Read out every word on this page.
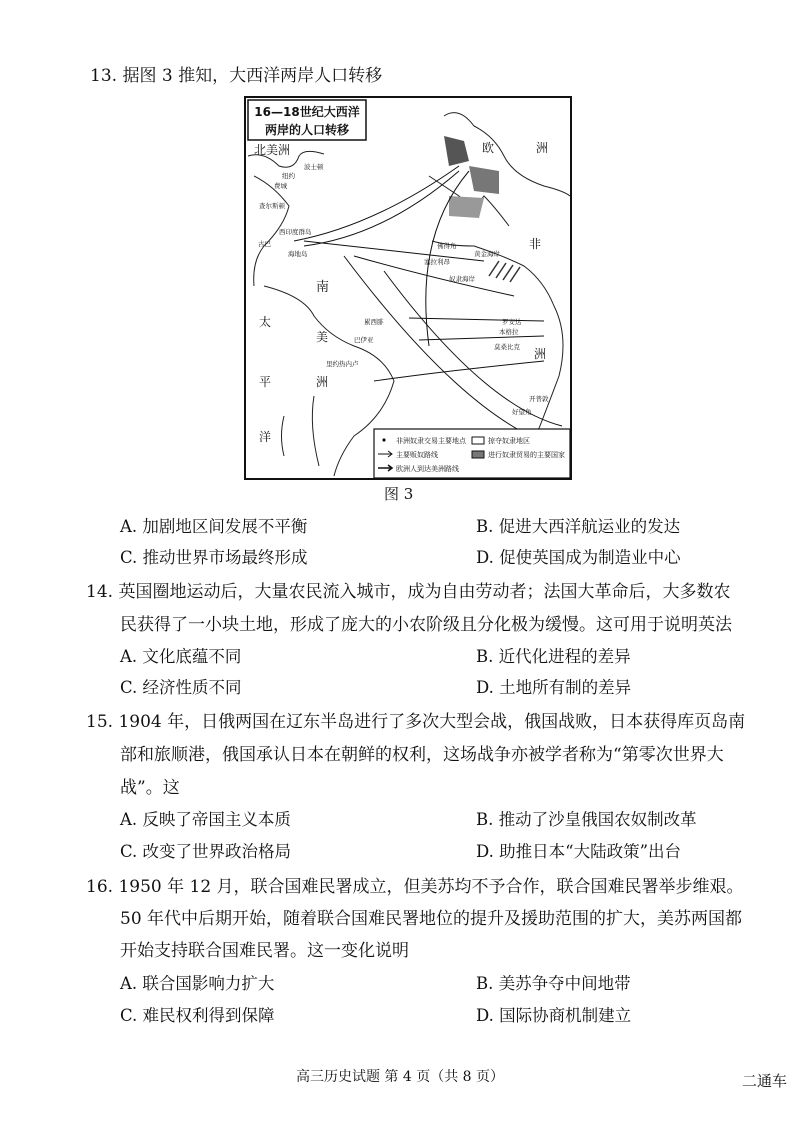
13. 据图 3 推知，大西洋两岸人口转移
16—18世纪大西洋
两岸的人口转移
北美洲	欧	洲
非
洲
南
美
洲
太
平
洋
波士顿
纽约
费城
查尔斯顿
古巴
海地岛
西印度群岛
佛得角
塞拉利昂
黄金海岸
奴隶海岸
累西腓
巴伊亚
里约热内卢
罗安达
本格拉
莫桑比克
开普敦
好望角
非洲奴隶交易主要地点
主要贩奴路线
欧洲人到达美洲路线
掠夺奴隶地区
进行奴隶贸易的主要国家
图 3
A. 加剧地区间发展不平衡	B. 促进大西洋航运业的发达
C. 推动世界市场最终形成	D. 促使英国成为制造业中心
14. 英国圈地运动后，大量农民流入城市，成为自由劳动者；法国大革命后，大多数农
民获得了一小块土地，形成了庞大的小农阶级且分化极为缓慢。这可用于说明英法
A. 文化底蕴不同	B. 近代化进程的差异
C. 经济性质不同	D. 土地所有制的差异
15. 1904 年，日俄两国在辽东半岛进行了多次大型会战，俄国战败，日本获得库页岛南
部和旅顺港，俄国承认日本在朝鲜的权利，这场战争亦被学者称为“第零次世界大
战”。这
A. 反映了帝国主义本质	B. 推动了沙皇俄国农奴制改革
C. 改变了世界政治格局	D. 助推日本“大陆政策”出台
16. 1950 年 12 月，联合国难民署成立，但美苏均不予合作，联合国难民署举步维艰。
50 年代中后期开始，随着联合国难民署地位的提升及援助范围的扩大，美苏两国都
开始支持联合国难民署。这一变化说明
A. 联合国影响力扩大	B. 美苏争夺中间地带
C. 难民权利得到保障	D. 国际协商机制建立
高三历史试题 第 4 页（共 8 页）	二通车
